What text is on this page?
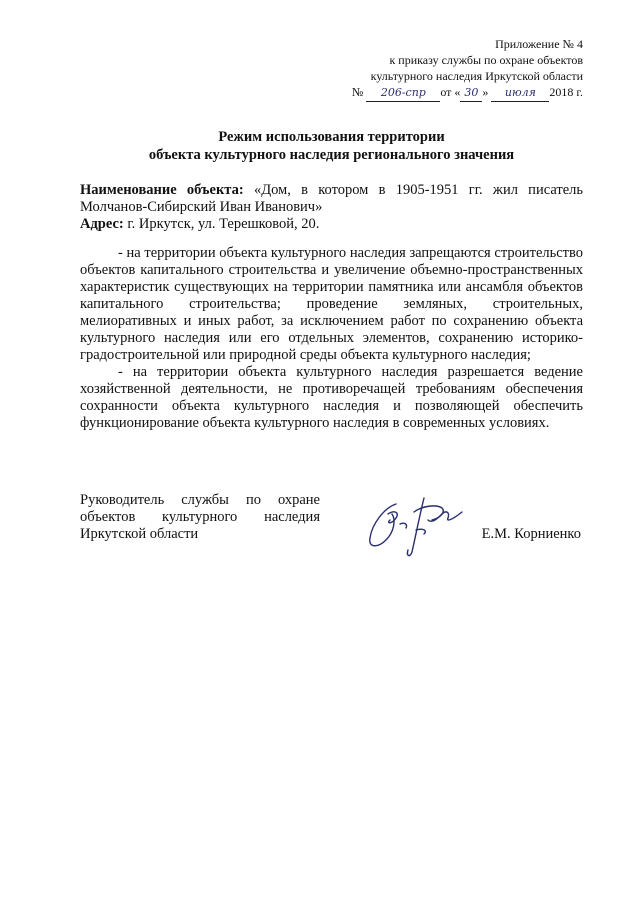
Приложение № 4
к приказу службы по охране объектов
культурного наследия Иркутской области
№ 206-спр от « 30 » июля 2018 г.
Режим использования территории
объекта культурного наследия регионального значения
Наименование объекта: «Дом, в котором в 1905-1951 гг. жил писатель Молчанов-Сибирский Иван Иванович»
Адрес: г. Иркутск, ул. Терешковой, 20.

- на территории объекта культурного наследия запрещаются строительство объектов капитального строительства и увеличение объемно-пространственных характеристик существующих на территории памятника или ансамбля объектов капитального строительства; проведение земляных, строительных, мелиоративных и иных работ, за исключением работ по сохранению объекта культурного наследия или его отдельных элементов, сохранению историко-градостроительной или природной среды объекта культурного наследия;

- на территории объекта культурного наследия разрешается ведение хозяйственной деятельности, не противоречащей требованиям обеспечения сохранности объекта культурного наследия и позволяющей обеспечить функционирование объекта культурного наследия в современных условиях.

Руководитель службы по охране
объектов культурного наследия
Иркутской области	Е.М. Корниенко
